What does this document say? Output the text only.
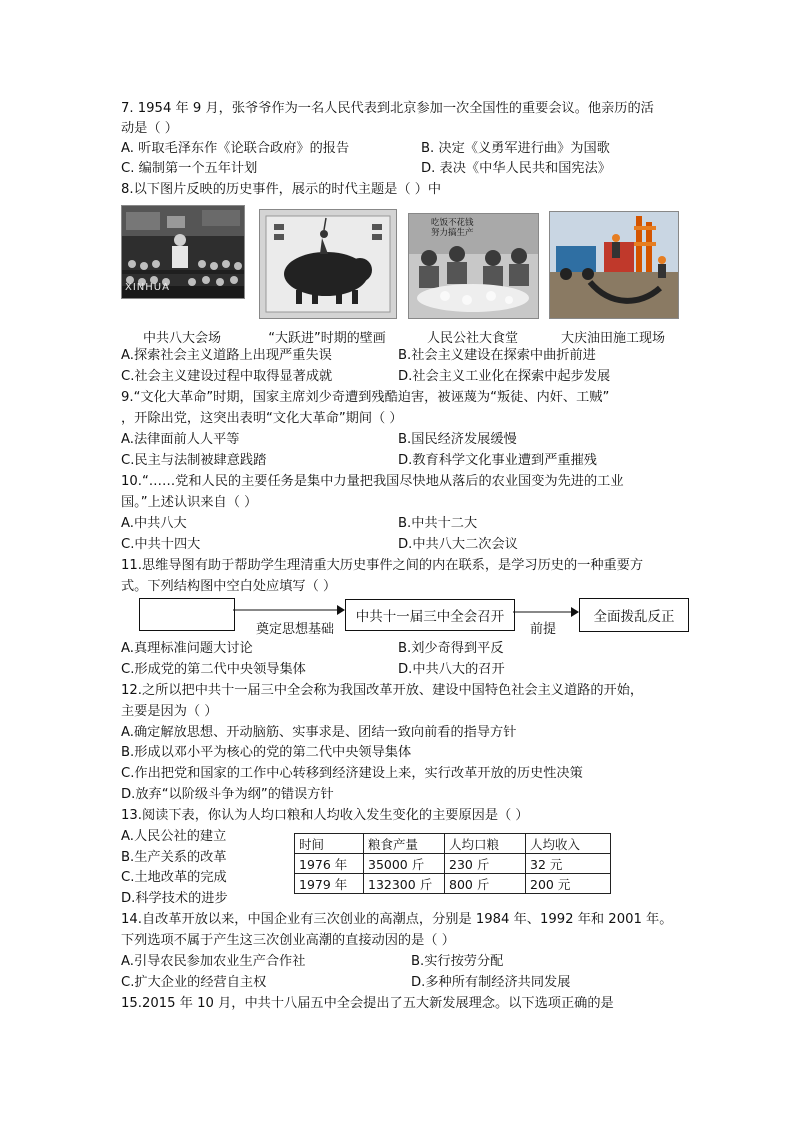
7. 1954 年 9 月，张爷爷作为一名人民代表到北京参加一次全国性的重要会议。他亲历的活
动是（ ）
A. 听取毛泽东作《论联合政府》的报告	B. 决定《义勇军进行曲》为国歌
C. 编制第一个五年计划	D. 表决《中华人民共和国宪法》
8.以下图片反映的历史事件，展示的时代主题是（ ）中
XINHUA
吃饭不花钱 努力搞生产
中共八大会场	“大跃进”时期的壁画	人民公社大食堂	大庆油田施工现场
A.探索社会主义道路上出现严重失误	B.社会主义建设在探索中曲折前进
C.社会主义建设过程中取得显著成就	D.社会主义工业化在探索中起步发展
9.“文化大革命”时期，国家主席刘少奇遭到残酷迫害，被诬蔑为“叛徒、内奸、工贼”
，开除出党，这突出表明“文化大革命”期间（ ）
A.法律面前人人平等	B.国民经济发展缓慢
C.民主与法制被肆意践踏	D.教育科学文化事业遭到严重摧残
10.“……党和人民的主要任务是集中力量把我国尽快地从落后的农业国变为先进的工业
国。”上述认识来自（ ）
A.中共八大	B.中共十二大
C.中共十四大	D.中共八大二次会议
11.思维导图有助于帮助学生理清重大历史事件之间的内在联系，是学习历史的一种重要方
式。下列结构图中空白处应填写（ ）
奠定思想基础
中共十一届三中全会召开
前提
全面拨乱反正
A.真理标准问题大讨论	B.刘少奇得到平反
C.形成党的第二代中央领导集体	D.中共八大的召开
12.之所以把中共十一届三中全会称为我国改革开放、建设中国特色社会主义道路的开始，
主要是因为（ ）
A.确定解放思想、开动脑筋、实事求是、团结一致向前看的指导方针
B.形成以邓小平为核心的党的第二代中央领导集体
C.作出把党和国家的工作中心转移到经济建设上来，实行改革开放的历史性决策
D.放弃“以阶级斗争为纲”的错误方针
13.阅读下表，你认为人均口粮和人均收入发生变化的主要原因是（ ）
A.人民公社的建立
B.生产关系的改革
C.土地改革的完成
D.科学技术的进步
时间	粮食产量	人均口粮	人均收入
1976 年	35000 斤	230 斤	32 元
1979 年	132300 斤	800 斤	200 元
14.自改革开放以来，中国企业有三次创业的高潮点，分别是 1984 年、1992 年和 2001 年。
下列选项不属于产生这三次创业高潮的直接动因的是（ ）
A.引导农民参加农业生产合作社	B.实行按劳分配
C.扩大企业的经营自主权	D.多种所有制经济共同发展
15.2015 年 10 月，中共十八届五中全会提出了五大新发展理念。以下选项正确的是
